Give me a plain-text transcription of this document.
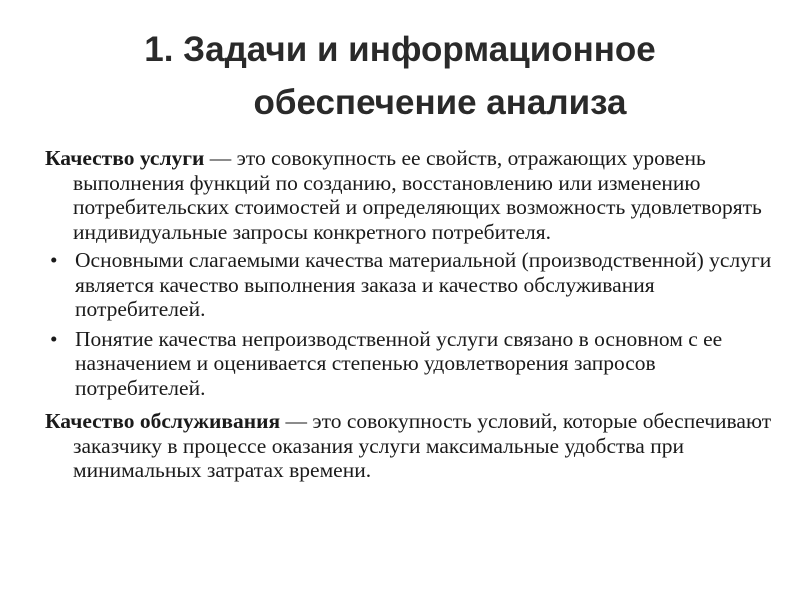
1. Задачи и информационное
обеспечение анализа

Качество услуги — это совокупность ее свойств, отражающих уровень выполнения функций по созданию, восстановлению или изменению потребительских стоимостей и определяющих возможность удовлетворять индивидуальные запросы конкретного потребителя.

• Основными слагаемыми качества материальной (производственной) услуги является качество выполнения заказа и качество обслуживания потребителей.
• Понятие качества непроизводственной услуги связано в основном с ее назначением и оценивается степенью удовлетворения запросов потребителей.

Качество обслуживания — это совокупность условий, которые обеспечивают заказчику в процессе оказания услуги максимальные удобства при минимальных затратах времени.
